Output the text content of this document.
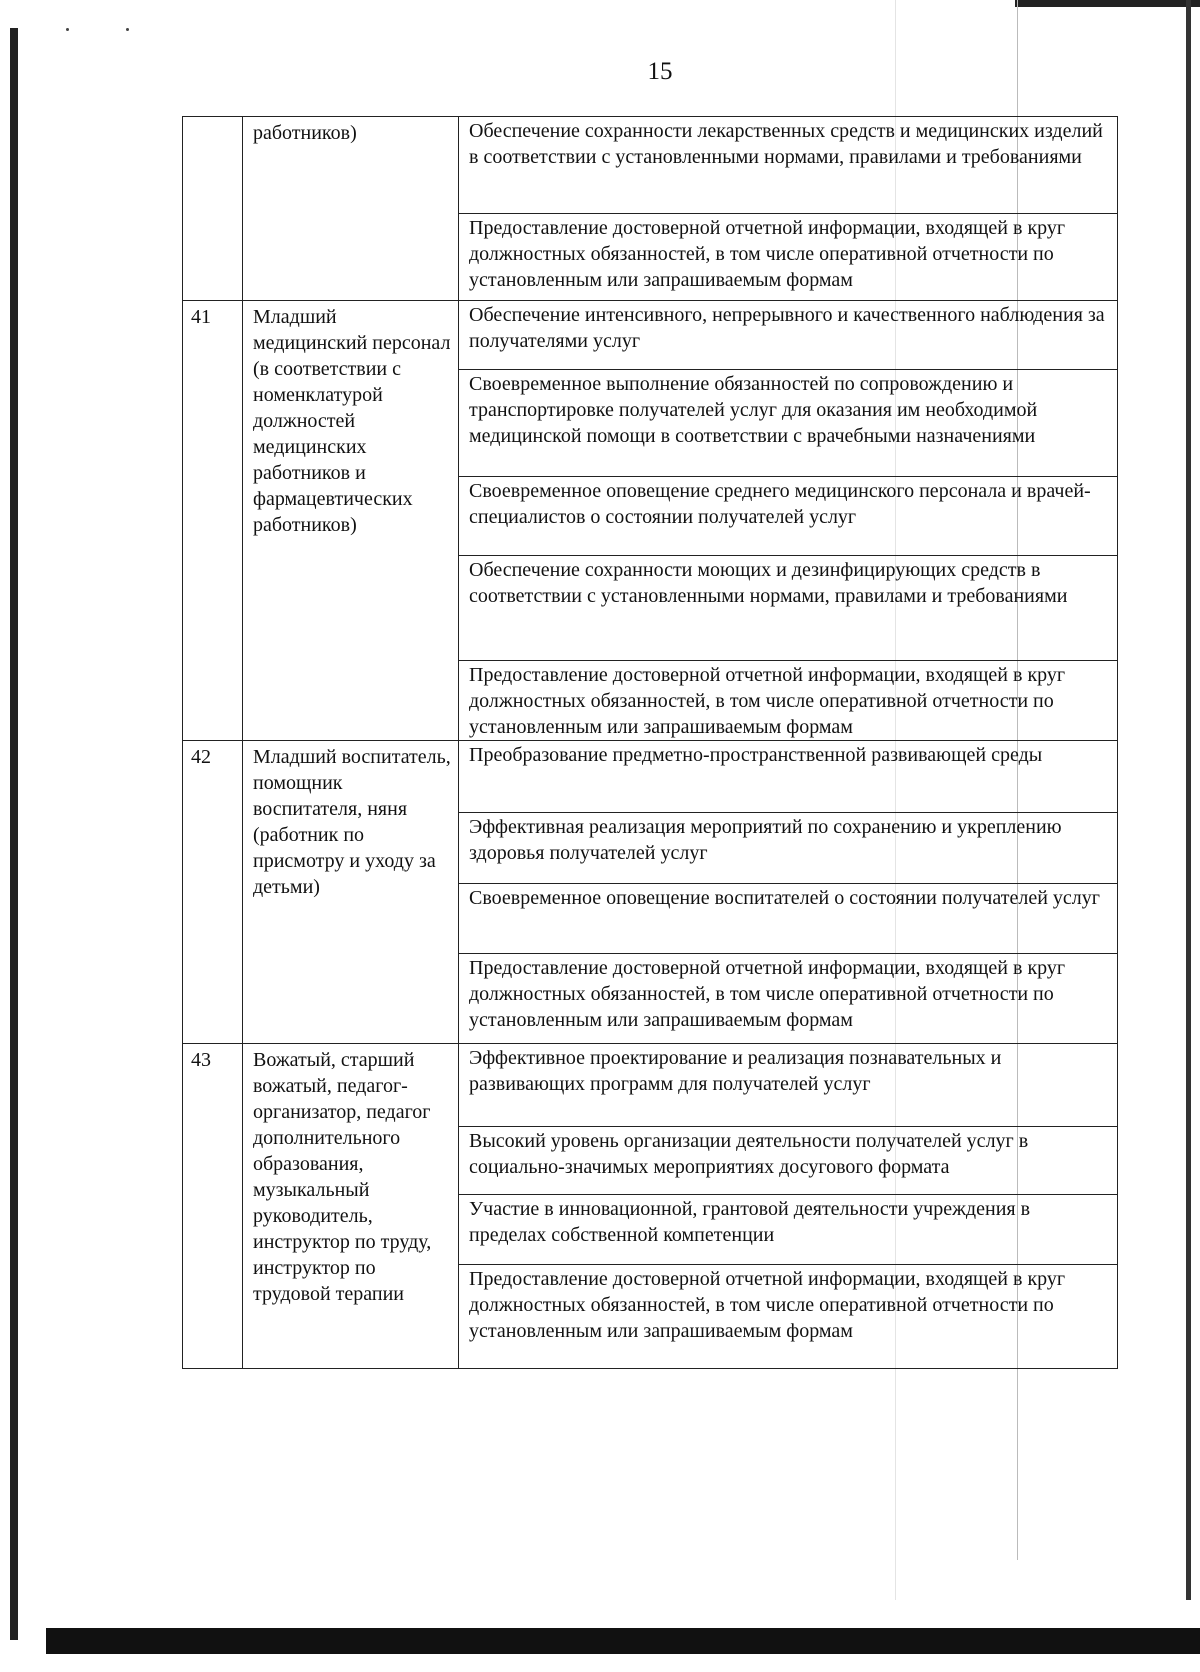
15

	работников)	Обеспечение сохранности лекарственных средств и медицинских изделий в соответствии с установленными нормами, правилами и требованиями
Предоставление достоверной отчетной информации, входящей в круг должностных обязанностей, в том числе оперативной отчетности по установленным или запрашиваемым формам

41	Младший медицинский персонал (в соответствии с номенклатурой должностей медицинских работников и фармацевтических работников)	Обеспечение интенсивного, непрерывного и качественного наблюдения за получателями услуг
Своевременное выполнение обязанностей по сопровождению и транспортировке получателей услуг для оказания им необходимой медицинской помощи в соответствии с врачебными назначениями
Своевременное оповещение среднего медицинского персонала и врачей-специалистов о состоянии получателей услуг
Обеспечение сохранности моющих и дезинфицирующих средств в соответствии с установленными нормами, правилами и требованиями
Предоставление достоверной отчетной информации, входящей в круг должностных обязанностей, в том числе оперативной отчетности по установленным или запрашиваемым формам

42	Младший воспитатель, помощник воспитателя, няня (работник по присмотру и уходу за детьми)	Преобразование предметно-пространственной развивающей среды
Эффективная реализация мероприятий по сохранению и укреплению здоровья получателей услуг
Своевременное оповещение воспитателей о состоянии получателей услуг
Предоставление достоверной отчетной информации, входящей в круг должностных обязанностей, в том числе оперативной отчетности по установленным или запрашиваемым формам

43	Вожатый, старший вожатый, педагог-организатор, педагог дополнительного образования, музыкальный руководитель, инструктор по труду, инструктор по трудовой терапии	Эффективное проектирование и реализация познавательных и развивающих программ для получателей услуг
Высокий уровень организации деятельности получателей услуг в социально-значимых мероприятиях досугового формата
Участие в инновационной, грантовой деятельности учреждения в пределах собственной компетенции
Предоставление достоверной отчетной информации, входящей в круг должностных обязанностей, в том числе оперативной отчетности по установленным или запрашиваемым формам
